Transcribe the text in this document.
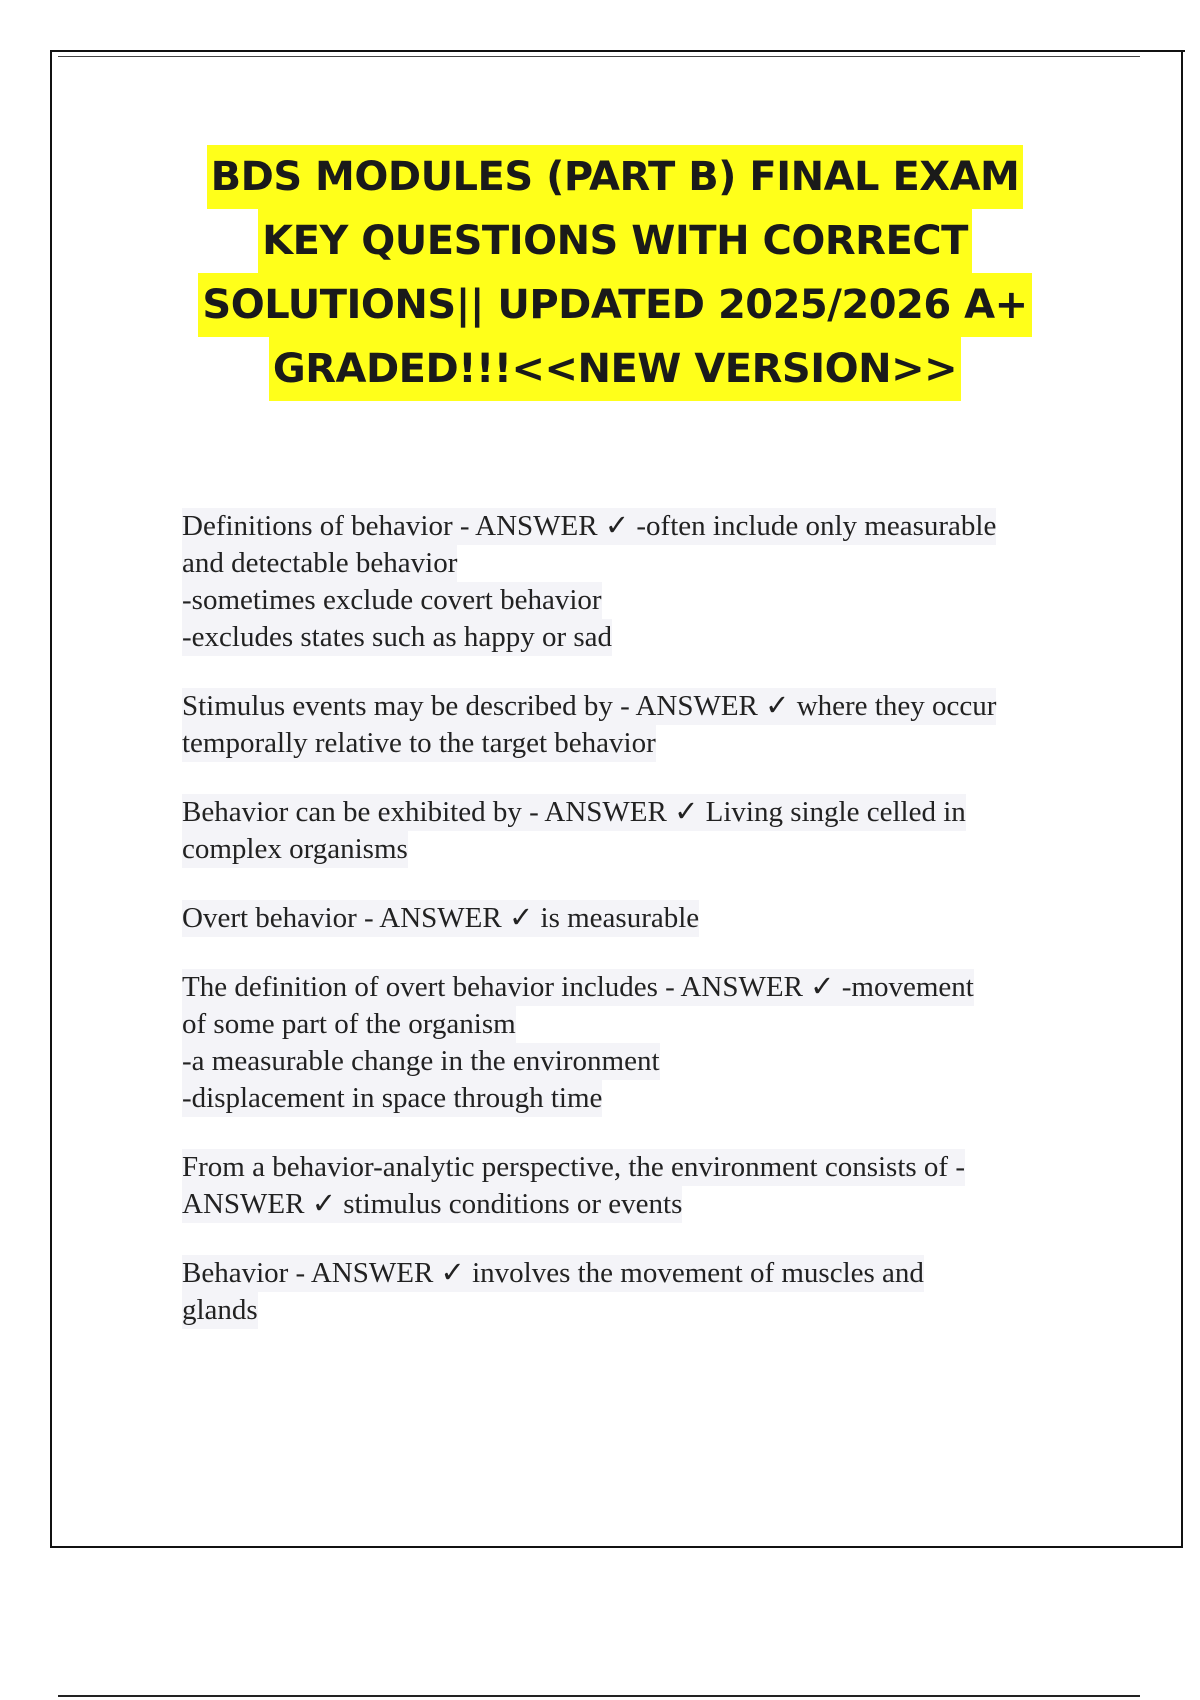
BDS MODULES (PART B) FINAL EXAM
KEY QUESTIONS WITH CORRECT
SOLUTIONS|| UPDATED 2025/2026 A+
GRADED!!!<<NEW VERSION>>
Definitions of behavior - ANSWER ✓ -often include only measurable
and detectable behavior
-sometimes exclude covert behavior
-excludes states such as happy or sad
Stimulus events may be described by - ANSWER ✓ where they occur
temporally relative to the target behavior
Behavior can be exhibited by - ANSWER ✓ Living single celled in
complex organisms
Overt behavior - ANSWER ✓ is measurable
The definition of overt behavior includes - ANSWER ✓ -movement
of some part of the organism
-a measurable change in the environment
-displacement in space through time
From a behavior-analytic perspective, the environment consists of -
ANSWER ✓ stimulus conditions or events
Behavior - ANSWER ✓ involves the movement of muscles and
glands
